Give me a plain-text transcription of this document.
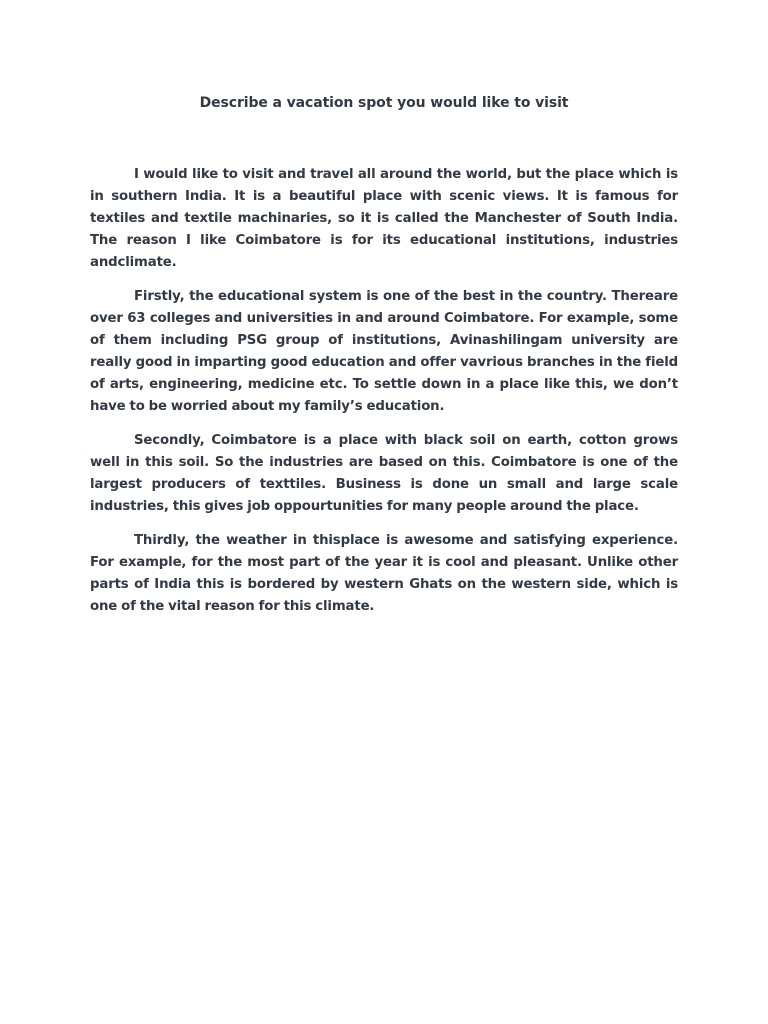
Describe a vacation spot you would like to visit

I would like to visit and travel all around the world, but the place which is in southern India. It is a beautiful place with scenic views. It is famous for textiles and textile machinaries, so it is called the Manchester of South India. The reason I like Coimbatore is for its educational institutions, industries andclimate.

Firstly, the educational system is one of the best in the country. Thereare over 63 colleges and universities in and around Coimbatore. For example, some of them including PSG group of institutions, Avinashilingam university are really good in imparting good education and offer vavrious branches in the field of arts, engineering, medicine etc. To settle down in a place like this, we don’t have to be worried about my family’s education.

Secondly, Coimbatore is a place with black soil on earth, cotton grows well in this soil. So the industries are based on this. Coimbatore is one of the largest producers of texttiles. Business is done un small and large scale industries, this gives job oppourtunities for many people around the place.

Thirdly, the weather in thisplace is awesome and satisfying experience. For example, for the most part of the year it is cool and pleasant. Unlike other parts of India this is bordered by western Ghats on the western side, which is one of the vital reason for this climate.
